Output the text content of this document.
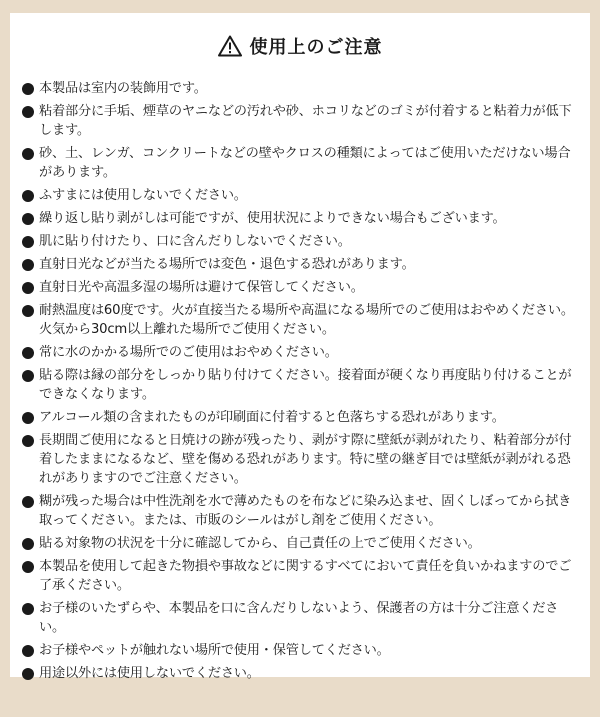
使用上のご注意
本製品は室内の装飾用です。
粘着部分に手垢、煙草のヤニなどの汚れや砂、ホコリなどのゴミが付着すると粘着力が低下します。
砂、土、レンガ、コンクリートなどの壁やクロスの種類によってはご使用いただけない場合があります。
ふすまには使用しないでください。
繰り返し貼り剥がしは可能ですが、使用状況によりできない場合もございます。
肌に貼り付けたり、口に含んだりしないでください。
直射日光などが当たる場所では変色・退色する恐れがあります。
直射日光や高温多湿の場所は避けて保管してください。
耐熱温度は60度です。火が直接当たる場所や高温になる場所でのご使用はおやめください。火気から30cm以上離れた場所でご使用ください。
常に水のかかる場所でのご使用はおやめください。
貼る際は縁の部分をしっかり貼り付けてください。接着面が硬くなり再度貼り付けることができなくなります。
アルコール類の含まれたものが印刷面に付着すると色落ちする恐れがあります。
長期間ご使用になると日焼けの跡が残ったり、剥がす際に壁紙が剥がれたり、粘着部分が付着したままになるなど、壁を傷める恐れがあります。特に壁の継ぎ目では壁紙が剥がれる恐れがありますのでご注意ください。
糊が残った場合は中性洗剤を水で薄めたものを布などに染み込ませ、固くしぼってから拭き取ってください。または、市販のシールはがし剤をご使用ください。
貼る対象物の状況を十分に確認してから、自己責任の上でご使用ください。
本製品を使用して起きた物損や事故などに関するすべてにおいて責任を負いかねますのでご了承ください。
お子様のいたずらや、本製品を口に含んだりしないよう、保護者の方は十分ご注意ください。
お子様やペットが触れない場所で使用・保管してください。
用途以外には使用しないでください。
